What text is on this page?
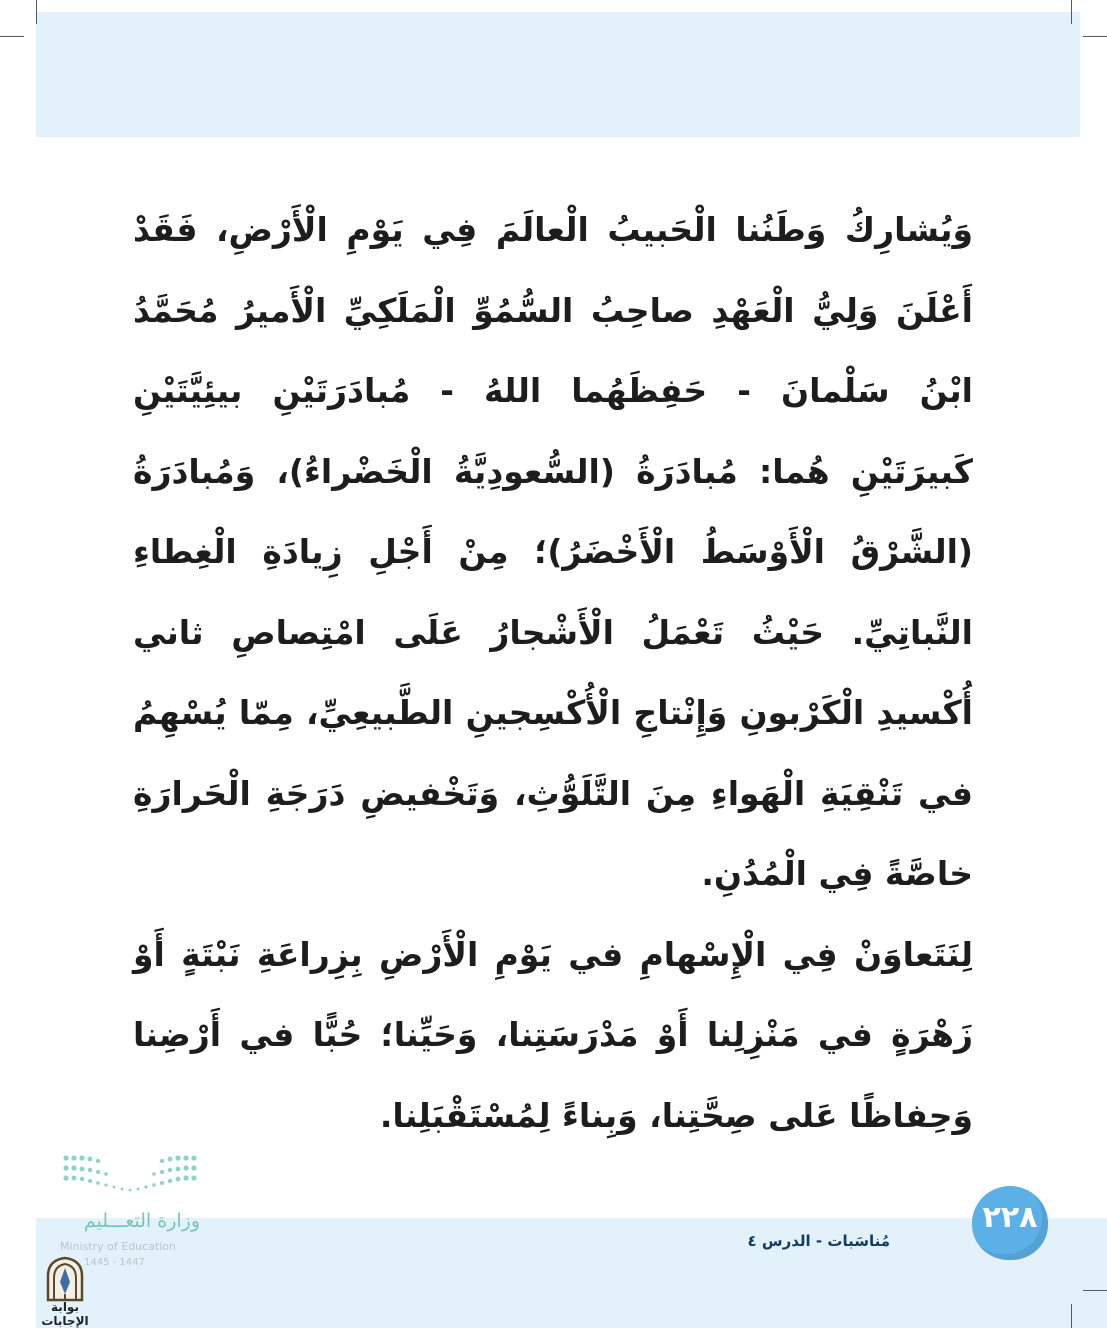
وَيُشارِكُ وَطَنُنا الْحَبيبُ الْعالَمَ فِي يَوْمِ الْأَرْضِ، فَقَدْ أَعْلَنَ وَلِيُّ الْعَهْدِ صاحِبُ السُّمُوِّ الْمَلَكِيِّ الْأَميرُ مُحَمَّدُ ابْنُ سَلْمانَ - حَفِظَهُما اللهُ - مُبادَرَتَيْنِ بيئِيَّتَيْنِ كَبيرَتَيْنِ هُما: مُبادَرَةُ (السُّعودِيَّةُ الْخَضْراءُ)، وَمُبادَرَةُ (الشَّرْقُ الْأَوْسَطُ الْأَخْضَرُ)؛ مِنْ أَجْلِ زِيادَةِ الْغِطاءِ النَّباتِيِّ. حَيْثُ تَعْمَلُ الْأَشْجارُ عَلَى امْتِصاصِ ثاني أُكْسيدِ الْكَرْبونِ وَإِنْتاجِ الْأُكْسِجينِ الطَّبيعِيِّ، مِمّا يُسْهِمُ في تَنْقِيَةِ الْهَواءِ مِنَ التَّلَوُّثِ، وَتَخْفيضِ دَرَجَةِ الْحَرارَةِ خاصَّةً فِي الْمُدُنِ.

لِنَتَعاوَنْ فِي الْإِسْهامِ في يَوْمِ الْأَرْضِ بِزِراعَةِ نَبْتَةٍ أَوْ زَهْرَةٍ في مَنْزِلِنا أَوْ مَدْرَسَتِنا، وَحَيِّنا؛ حُبًّا في أَرْضِنا وَحِفاظًا عَلى صِحَّتِنا، وَبِناءً لِمُسْتَقْبَلِنا.

٢٢٨
مُناسَبات - الدرس ٤
وزارة التعـــليم
Ministry of Education
1445 - 1447
بوابة الإجابات
